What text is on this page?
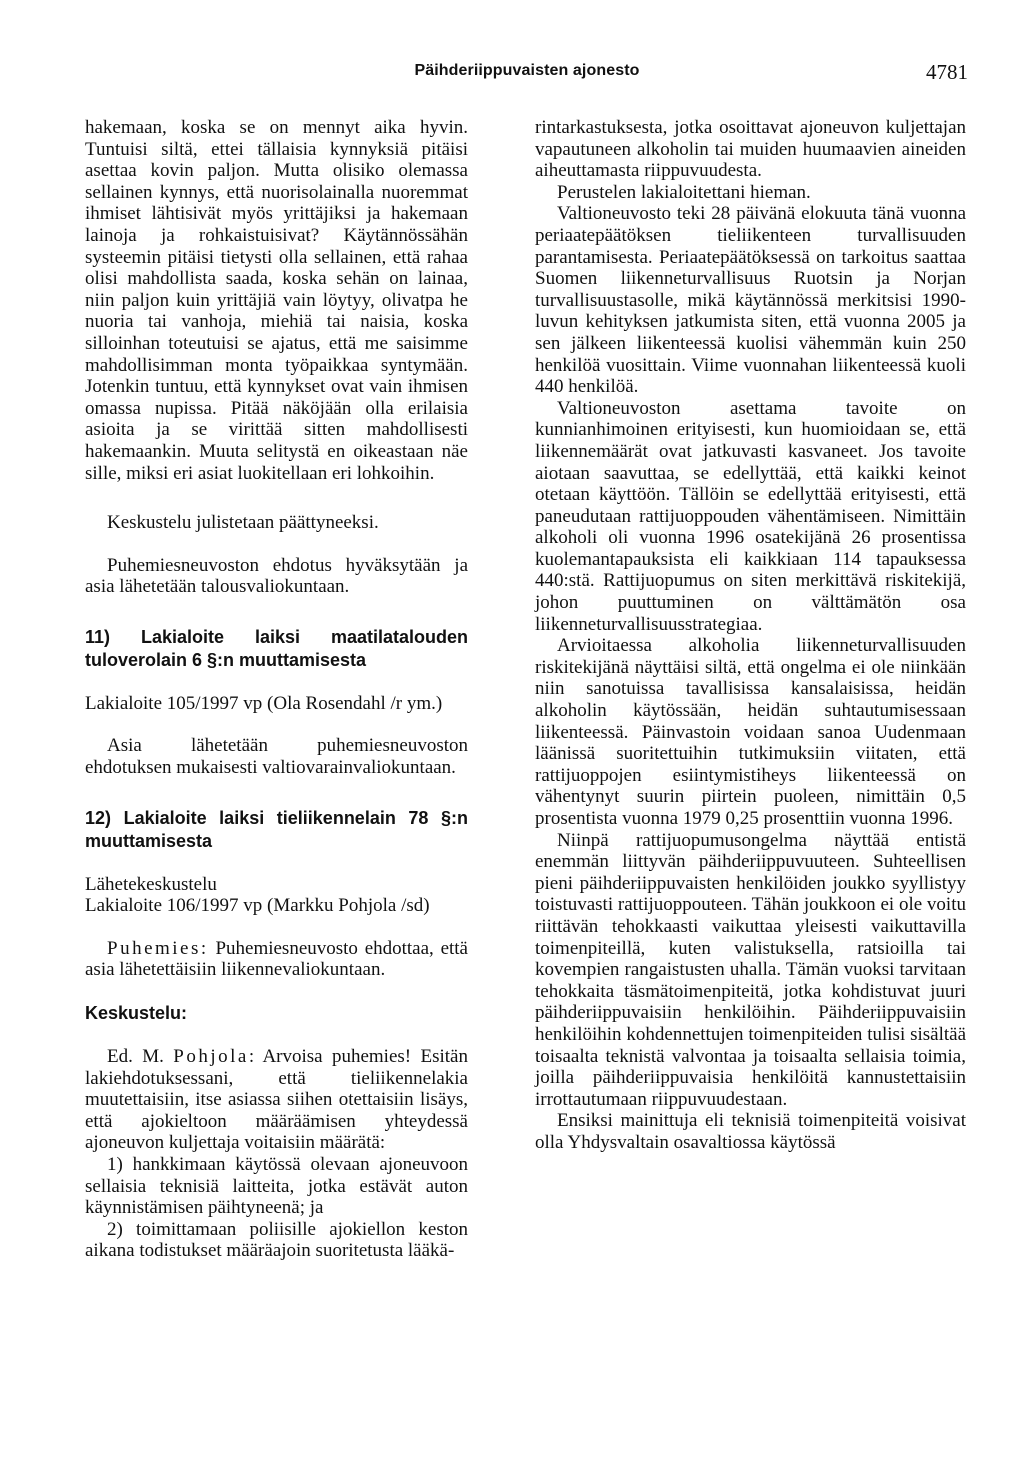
Päihderiippuvaisten ajonesto	4781

hakemaan, koska se on mennyt aika hyvin. Tuntuisi siltä, ettei tällaisia kynnyksiä pitäisi asettaa kovin paljon. Mutta olisiko olemassa sellainen kynnys, että nuorisolainalla nuoremmat ihmiset lähtisivät myös yrittäjiksi ja hakemaan lainoja ja rohkaistuisivat? Käytännössähän systeemin pitäisi tietysti olla sellainen, että rahaa olisi mahdollista saada, koska sehän on lainaa, niin paljon kuin yrittäjiä vain löytyy, olivatpa he nuoria tai vanhoja, miehiä tai naisia, koska silloinhan toteutuisi se ajatus, että me saisimme mahdollisimman monta työpaikkaa syntymään. Jotenkin tuntuu, että kynnykset ovat vain ihmisen omassa nupissa. Pitää näköjään olla erilaisia asioita ja se virittää sitten mahdollisesti hakemaankin. Muuta selitystä en oikeastaan näe sille, miksi eri asiat luokitellaan eri lohkoihin.

Keskustelu julistetaan päättyneeksi.

Puhemiesneuvoston ehdotus hyväksytään ja asia lähetetään talousvaliokuntaan.

11) Lakialoite laiksi maatilatalouden tuloverolain 6 §:n muuttamisesta

Lakialoite 105/1997 vp (Ola Rosendahl /r ym.)

Asia lähetetään puhemiesneuvoston ehdotuksen mukaisesti valtiovarainvaliokuntaan.

12) Lakialoite laiksi tieliikennelain 78 §:n muuttamisesta

Lähetekeskustelu

Lakialoite 106/1997 vp (Markku Pohjola /sd)

Puhemies: Puhemiesneuvosto ehdottaa, että asia lähetettäisiin liikennevaliokuntaan.

Keskustelu:

Ed. M. Pohjola: Arvoisa puhemies! Esitän lakiehdotuksessani, että tieliikennelakia muutettaisiin, itse asiassa siihen otettaisiin lisäys, että ajokieltoon määräämisen yhteydessä ajoneuvon kuljettaja voitaisiin määrätä:

1) hankkimaan käytössä olevaan ajoneuvoon sellaisia teknisiä laitteita, jotka estävät auton käynnistämisen päihtyneenä; ja

2) toimittamaan poliisille ajokiellon keston aikana todistukset määräajoin suoritetusta lääkä-

rintarkastuksesta, jotka osoittavat ajoneuvon kuljettajan vapautuneen alkoholin tai muiden huumaavien aineiden aiheuttamasta riippuvuudesta.

Perustelen lakialoitettani hieman.

Valtioneuvosto teki 28 päivänä elokuuta tänä vuonna periaatepäätöksen tieliikenteen turvallisuuden parantamisesta. Periaatepäätöksessä on tarkoitus saattaa Suomen liikenneturvallisuus Ruotsin ja Norjan turvallisuustasolle, mikä käytännössä merkitsisi 1990-luvun kehityksen jatkumista siten, että vuonna 2005 ja sen jälkeen liikenteessä kuolisi vähemmän kuin 250 henkilöä vuosittain. Viime vuonnahan liikenteessä kuoli 440 henkilöä.

Valtioneuvoston asettama tavoite on kunnianhimoinen erityisesti, kun huomioidaan se, että liikennemäärät ovat jatkuvasti kasvaneet. Jos tavoite aiotaan saavuttaa, se edellyttää, että kaikki keinot otetaan käyttöön. Tällöin se edellyttää erityisesti, että paneudutaan rattijuoppouden vähentämiseen. Nimittäin alkoholi oli vuonna 1996 osatekijänä 26 prosentissa kuolemantapauksista eli kaikkiaan 114 tapauksessa 440:stä. Rattijuopumus on siten merkittävä riskitekijä, johon puuttuminen on välttämätön osa liikenneturvallisuusstrategiaa.

Arvioitaessa alkoholia liikenneturvallisuuden riskitekijänä näyttäisi siltä, että ongelma ei ole niinkään niin sanotuissa tavallisissa kansalaisissa, heidän alkoholin käytössään, heidän suhtautumisessaan liikenteessä. Päinvastoin voidaan sanoa Uudenmaan läänissä suoritettuihin tutkimuksiin viitaten, että rattijuoppojen esiintymistiheys liikenteessä on vähentynyt suurin piirtein puoleen, nimittäin 0,5 prosentista vuonna 1979 0,25 prosenttiin vuonna 1996.

Niinpä rattijuopumusongelma näyttää entistä enemmän liittyvän päihderiippuvuuteen. Suhteellisen pieni päihderiippuvaisten henkilöiden joukko syyllistyy toistuvasti rattijuoppouteen. Tähän joukkoon ei ole voitu riittävän tehokkaasti vaikuttaa yleisesti vaikuttavilla toimenpiteillä, kuten valistuksella, ratsioilla tai kovempien rangaistusten uhalla. Tämän vuoksi tarvitaan tehokkaita täsmätoimenpiteitä, jotka kohdistuvat juuri päihderiippuvaisiin henkilöihin. Päihderiippuvaisiin henkilöihin kohdennettujen toimenpiteiden tulisi sisältää toisaalta teknistä valvontaa ja toisaalta sellaisia toimia, joilla päihderiippuvaisia henkilöitä kannustettaisiin irrottautumaan riippuvuudestaan.

Ensiksi mainittuja eli teknisiä toimenpiteitä voisivat olla Yhdysvaltain osavaltiossa käytössä
